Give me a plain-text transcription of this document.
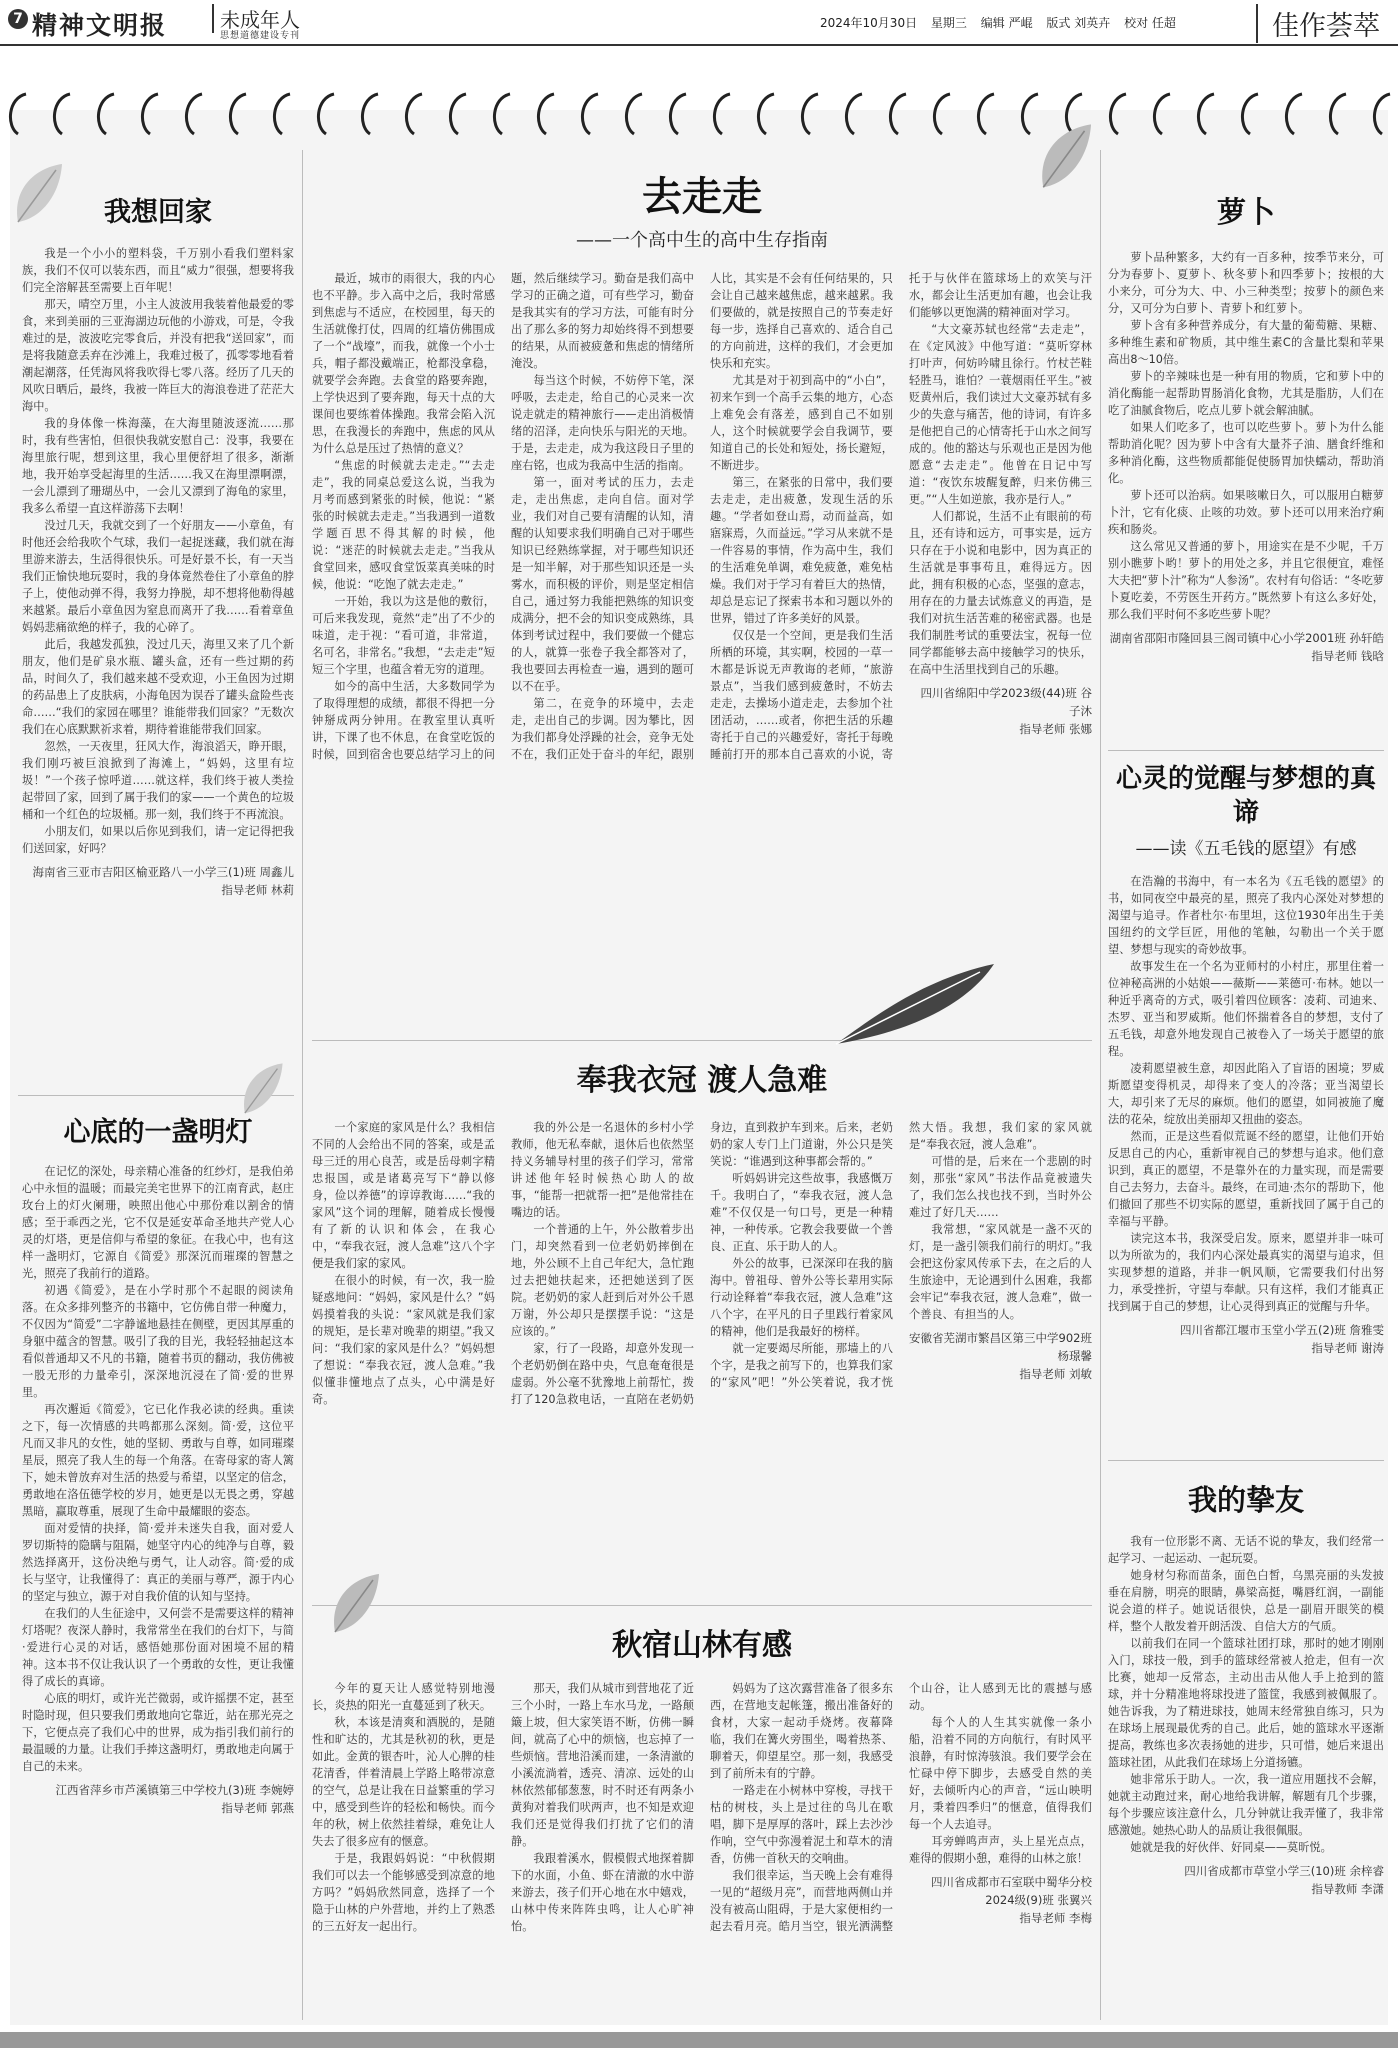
7 精神文明报	未成年人
思想道德建设专刊
2024年10月30日 星期三 编辑 严崐 版式 刘英卉 校对 任超	佳作荟萃
我想回家

我是一个小小的塑料袋，千万别小看我们塑料家族，我们不仅可以装东西，而且“威力”很强，想要将我们完全溶解甚至需要上百年呢！

那天，晴空万里，小主人波波用我装着他最爱的零食，来到美丽的三亚海湖边玩他的小游戏，可是，令我难过的是，波波吃完零食后，并没有把我“送回家”，而是将我随意丢弃在沙滩上，我难过极了，孤零零地看着潮起潮落，任凭海风将我吹得七零八落。经历了几天的风吹日晒后，最终，我被一阵巨大的海浪卷进了茫茫大海中。

我的身体像一株海藻，在大海里随波逐流……那时，我有些害怕，但很快我就安慰自己：没事，我要在海里旅行呢，想到这里，我心里便舒坦了很多，渐渐地，我开始享受起海里的生活……我又在海里漂啊漂，一会儿漂到了珊瑚丛中，一会儿又漂到了海龟的家里，我多么希望一直这样游荡下去啊！

没过几天，我就交到了一个好朋友——小章鱼，有时他还会给我吹个气球，我们一起捉迷藏，我们就在海里游来游去，生活得很快乐。可是好景不长，有一天当我们正愉快地玩耍时，我的身体竟然卷住了小章鱼的脖子上，使他动弹不得，我努力挣脱，却不想将他勒得越来越紧。最后小章鱼因为窒息而离开了我……看着章鱼妈妈悲痛欲绝的样子，我的心碎了。

此后，我越发孤独，没过几天，海里又来了几个新朋友，他们是矿泉水瓶、罐头盒，还有一些过期的药品，时间久了，我们越来越不受欢迎，小王鱼因为过期的药品患上了皮肤病，小海龟因为误吞了罐头盒险些丧命……“我们的家园在哪里？谁能带我们回家？”无数次我们在心底默默祈求着，期待着谁能带我们回家。

忽然，一天夜里，狂风大作，海浪滔天，睁开眼，我们刚巧被巨浪掀到了海滩上，“妈妈，这里有垃圾！”一个孩子惊呼道……就这样，我们终于被人类捡起带回了家，回到了属于我们的家——一个黄色的垃圾桶和一个红色的垃圾桶。那一刻，我们终于不再流浪。

小朋友们，如果以后你见到我们，请一定记得把我们送回家，好吗？

海南省三亚市吉阳区榆亚路八一小学三(1)班 周鑫儿
指导老师 林莉
心底的一盏明灯

在记忆的深处，母亲精心准备的红纱灯，是我伯弟心中永恒的温暖；而最完美宅世界下的江南育武，赵庄玫台上的灯火阑珊，映照出他心中那份难以割舍的情感；至于乖西之光，它不仅是延安革命圣地共产党人心灵的灯塔，更是信仰与希望的象征。在我心中，也有这样一盏明灯，它源自《简爱》那深沉而璀璨的智慧之光，照亮了我前行的道路。

初遇《简爱》，是在小学时那个不起眼的阅读角落。在众多排列整齐的书籍中，它仿佛自带一种魔力，不仅因为“简爱”二字静谧地悬挂在侧壁，更因其厚重的身躯中蕴含的智慧。吸引了我的目光，我轻轻抽起这本看似普通却又不凡的书籍，随着书页的翻动，我仿佛被一股无形的力量牵引，深深地沉浸在了简·爱的世界里。

再次邂逅《简爱》，它已化作我必读的经典。重读之下，每一次情感的共鸣都那么深刻。简·爱，这位平凡而又非凡的女性，她的坚韧、勇敢与自尊，如同璀璨星辰，照亮了我人生的每一个角落。在寄母家的寄人篱下，她未曾放弃对生活的热爱与希望，以坚定的信念，勇敢地在洛伍德学校的岁月，她更是以无畏之勇，穿越黑暗，赢取尊重，展现了生命中最耀眼的姿态。

面对爱情的抉择，简·爱并未迷失自我，面对爱人罗切斯特的隐瞒与阻隔，她坚守内心的纯净与自尊，毅然选择离开，这份决绝与勇气，让人动容。简·爱的成长与坚守，让我懂得了：真正的美丽与尊严，源于内心的坚定与独立，源于对自我价值的认知与坚持。

在我们的人生征途中，又何尝不是需要这样的精神灯塔呢？夜深人静时，我常常坐在我们的台灯下，与简·爱进行心灵的对话，感悟她那份面对困境不屈的精神。这本书不仅让我认识了一个勇敢的女性，更让我懂得了成长的真谛。

心底的明灯，或许光芒微弱，或许摇摆不定，甚至时隐时现，但只要我们勇敢地向它靠近，站在那光亮之下，它便点亮了我们心中的世界，成为指引我们前行的最温暖的力量。让我们手捧这盏明灯，勇敢地走向属于自己的未来。

江西省萍乡市芦溪镇第三中学校九(3)班 李婉婷
指导老师 郭燕
去走走
——一个高中生的高中生存指南

最近，城市的雨很大，我的内心也不平静。步入高中之后，我时常感到焦虑与不适应，在校园里，每天的生活就像打仗，四周的红墙仿佛围成了一个“战壕”，而我，就像一个小士兵，帽子都没戴端正，枪都没拿稳，就要学会奔跑。去食堂的路要奔跑，上学快迟到了要奔跑，每天十点的大课间也要练着体操跑。我常会陷入沉思，在我漫长的奔跑中，焦虑的风从为什么总是压过了热情的意义？

“焦虑的时候就去走走。”“去走走”，我的同桌总爱这么说，当我为月考而感到紧张的时候，他说：“紧张的时候就去走走。”当我遇到一道数学题百思不得其解的时候，他说：“迷茫的时候就去走走。”当我从食堂回来，感叹食堂饭菜真美味的时候，他说：“吃饱了就去走走。”

一开始，我以为这是他的敷衍，可后来我发现，竟然“走”出了不少的味道，走于视：“看可道，非常道，名可名，非常名。”我想，“去走走”短短三个字里，也蕴含着无穷的道理。

如今的高中生活，大多数同学为了取得理想的成绩，都很不得把一分钟掰成两分钟用。在教室里认真听讲，下课了也不休息，在食堂吃饭的时候，回到宿舍也要总结学习上的问题，然后继续学习。勤奋是我们高中学习的正确之道，可有些学习，勤奋是我其实有的学习方法，可能有时分出了那么多的努力却始终得不到想要的结果，从而被疲惫和焦虑的情绪所淹没。

每当这个时候，不妨停下笔，深呼吸，去走走，给自己的心灵来一次说走就走的精神旅行——走出消极情绪的沼泽，走向快乐与阳光的天地。于是，去走走，成为我这段日子里的座右铭，也成为我高中生活的指南。

第一，面对考试的压力，去走走，走出焦虑，走向自信。面对学业，我们对自己要有清醒的认知，清醒的认知要求我们明确自己对于哪些知识已经熟练掌握，对于哪些知识还是一知半解，对于那些知识还是一头雾水，而积极的评价，则是坚定相信自己，通过努力我能把熟练的知识变成满分，把不会的知识变成熟练，具体到考试过程中，我们要做一个健忘的人，就算一张卷子我全都答对了，我也要回去再检查一遍，遇到的题可以不在乎。

第二，在竞争的环境中，去走走，走出自己的步调。因为攀比，因为我们都身处浮躁的社会，竞争无处不在，我们正处于奋斗的年纪，跟别人比，其实是不会有任何结果的，只会让自己越来越焦虑，越来越累。我们要做的，就是按照自己的节奏走好每一步，选择自己喜欢的、适合自己的方向前进，这样的我们，才会更加快乐和充实。

尤其是对于初到高中的“小白”，初来乍到一个高手云集的地方，心态上难免会有落差，感到自己不如别人，这个时候就要学会自我调节，要知道自己的长处和短处，扬长避短，不断进步。

第三，在紧张的日常中，我们要去走走，走出疲惫，发现生活的乐趣。“学者如登山焉，动而益高，如寤寐焉，久而益远。”学习从来就不是一件容易的事情，作为高中生，我们的生活难免单调，难免疲惫，难免枯燥。我们对于学习有着巨大的热情，却总是忘记了探索书本和习题以外的世界，错过了许多美好的风景。

仅仅是一个空间，更是我们生活所栖的环境，其实啊，校园的一草一木都是诉说无声教诲的老师，“旅游景点”，当我们感到疲惫时，不妨去走走，去操场小道走走，去参加个社团活动，……或者，你把生活的乐趣寄托于自己的兴趣爱好，寄托于每晚睡前打开的那本自己喜欢的小说，寄托于与伙伴在篮球场上的欢笑与汗水，都会让生活更加有趣，也会让我们能够以更饱满的精神面对学习。

“大文豪苏轼也经常“去走走”，在《定风波》中他写道：“莫听穿林打叶声，何妨吟啸且徐行。竹杖芒鞋轻胜马，谁怕？一蓑烟雨任平生。”被贬黄州后，我们读过大文豪苏轼有多少的失意与痛苦，他的诗词，有许多是他把自己的心情寄托于山水之间写成的。他的豁达与乐观也正是因为他愿意“去走走”。他曾在日记中写道：“夜饮东坡醒复醉，归来仿佛三更。”“人生如逆旅，我亦是行人。”

人们都说，生活不止有眼前的苟且，还有诗和远方，可事实是，远方只存在于小说和电影中，因为真正的生活就是事事苟且，难得远方。因此，拥有积极的心态，坚强的意志，用存在的力量去试炼意义的再造，是我们对抗生活苦难的秘密武器。也是我们制胜考试的重要法宝，祝每一位同学都能够去高中接触学习的快乐，在高中生活里找到自己的乐趣。

四川省绵阳中学2023级(44)班 谷子沐
指导老师 张娜
奉我衣冠 渡人急难

一个家庭的家风是什么？我相信不同的人会给出不同的答案，或是孟母三迁的用心良苦，或是岳母刺字精忠报国，或是诸葛亮写下“静以修身，俭以养德”的谆谆教诲……“我的家风”这个词的理解，随着成长慢慢有了新的认识和体会，在我心中，“奉我衣冠，渡人急难”这八个字便是我们家的家风。

在很小的时候，有一次，我一脸疑惑地问：“妈妈，家风是什么？”妈妈摸着我的头说：“家风就是我们家的规矩，是长辈对晚辈的期望。”我又问：“我们家的家风是什么？”妈妈想了想说：“奉我衣冠，渡人急难。”我似懂非懂地点了点头，心中满是好奇。

我的外公是一名退休的乡村小学教师，他无私奉献，退休后也依然坚持义务辅导村里的孩子们学习，常常讲述他年轻时候热心助人的故事，“能帮一把就帮一把”是他常挂在嘴边的话。

一个普通的上午，外公散着步出门，却突然看到一位老奶奶摔倒在地，外公顾不上自己年纪大，急忙跑过去把她扶起来，还把她送到了医院。老奶奶的家人赶到后对外公千恩万谢，外公却只是摆摆手说：“这是应该的。”

家，行了一段路，却意外发现一个老奶奶倒在路中央，气息奄奄很是虚弱。外公毫不犹豫地上前帮忙，拨打了120急救电话，一直陪在老奶奶身边，直到救护车到来。后来，老奶奶的家人专门上门道谢，外公只是笑笑说：“谁遇到这种事都会帮的。”

听妈妈讲完这些故事，我感慨万千。我明白了，“奉我衣冠，渡人急难”不仅仅是一句口号，更是一种精神，一种传承。它教会我要做一个善良、正直、乐于助人的人。

外公的故事，已深深印在我的脑海中。曾祖母、曾外公等长辈用实际行动诠释着“奉我衣冠，渡人急难”这八个字，在平凡的日子里践行着家风的精神，他们是我最好的榜样。

就一定要竭尽所能，那墙上的八个字，是我之前写下的，也算我们家的“家风”吧！”外公笑着说，我才恍然大悟。我想，我们家的家风就是“奉我衣冠，渡人急难”。

可惜的是，后来在一个悲剧的时刻，那张“家风”书法作品竟被遗失了，我们怎么找也找不到，当时外公难过了好几天……

我常想，“家风就是一盏不灭的灯，是一盏引领我们前行的明灯。”我会把这份家风传承下去，在之后的人生旅途中，无论遇到什么困难，我都会牢记“奉我衣冠，渡人急难”，做一个善良、有担当的人。

安徽省芜湖市繁昌区第三中学902班 杨璟馨
指导老师 刘敏
秋宿山林有感

今年的夏天让人感觉特别地漫长，炎热的阳光一直蔓延到了秋天。

秋，本该是清爽和酒脱的，是随性和旷达的，尤其是秋初的秋，更是如此。金黄的银杏叶，沁人心脾的桂花清香，伴着清晨上学路上略带凉意的空气，总是让我在日益繁重的学习中，感受到些许的轻松和畅快。而今年的秋，树上依然挂着绿，难免让人失去了很多应有的惬意。

于是，我跟妈妈说：“中秋假期我们可以去一个能够感受到凉意的地方吗？”妈妈欣然同意，选择了一个隐于山林的户外营地，并约上了熟悉的三五好友一起出行。

那天，我们从城市到营地花了近三个小时，一路上车水马龙，一路颠簸上坡，但大家笑语不断，仿佛一瞬间，就高了心中的烦恼，也忘掉了一些烦恼。营地沿溪而建，一条清澈的小溪流淌着，透亮、清凉、远处的山林依然郁郁葱葱，时不时还有两条小黄狗对着我们吠两声，也不知是欢迎我们还是觉得我们打扰了它们的清静。

我跟着溪水，假模假式地探着脚下的水面，小鱼、虾在清澈的水中游来游去，孩子们开心地在水中嬉戏，山林中传来阵阵虫鸣，让人心旷神怡。

妈妈为了这次露营准备了很多东西，在营地支起帐篷，搬出准备好的食材，大家一起动手烧烤。夜幕降临，我们在篝火旁围坐，喝着热茶、聊着天，仰望星空。那一刻，我感受到了前所未有的宁静。

一路走在小树林中穿梭，寻找干枯的树枝，头上是过往的鸟儿在歌唱，脚下是厚厚的落叶，踩上去沙沙作响，空气中弥漫着泥土和草木的清香，仿佛一首秋天的交响曲。

我们很幸运，当天晚上会有难得一见的“超级月亮”，而营地两侧山并没有被高山阻碍，于是大家便相约一起去看月亮。皓月当空，银光洒满整个山谷，让人感到无比的震撼与感动。

每个人的人生其实就像一条小船，沿着不同的方向航行，有时风平浪静，有时惊涛骇浪。我们要学会在忙碌中停下脚步，去感受自然的美好，去倾听内心的声音，“远山映明月，秉着四季归”的惬意，值得我们每一个人去追寻。

耳旁蝉鸣声声，头上星光点点，难得的假期小憩，难得的山林之旅！

四川省成都市石室联中蜀华分校2024级(9)班 张翼兴
指导老师 李梅
萝卜

萝卜品种繁多，大约有一百多种，按季节来分，可分为春萝卜、夏萝卜、秋冬萝卜和四季萝卜；按根的大小来分，可分为大、中、小三种类型；按萝卜的颜色来分，又可分为白萝卜、青萝卜和红萝卜。

萝卜含有多种营养成分，有大量的葡萄糖、果糖、多种维生素和矿物质，其中维生素C的含量比梨和苹果高出8～10倍。

萝卜的辛辣味也是一种有用的物质，它和萝卜中的消化酶能一起帮助胃肠消化食物，尤其是脂肪，人们在吃了油腻食物后，吃点儿萝卜就会解油腻。

如果人们吃多了，也可以吃些萝卜。萝卜为什么能帮助消化呢？因为萝卜中含有大量芥子油、膳食纤维和多种消化酶，这些物质都能促使肠胃加快蠕动，帮助消化。

萝卜还可以治病。如果咳嗽日久，可以服用白糖萝卜汁，它有化痰、止咳的功效。萝卜还可以用来治疗痢疾和肠炎。

这么常见又普通的萝卜，用途实在是不少呢，千万别小瞧萝卜哟！萝卜的用处之多，并且它很便宜，难怪大夫把“萝卜汁”称为“人参汤”。农村有句俗话：“冬吃萝卜夏吃姜，不劳医生开药方。”既然萝卜有这么多好处，那么我们平时何不多吃些萝卜呢？

湖南省邵阳市隆回县三阁司镇中心小学2001班 孙轩皓
指导老师 钱晗
心灵的觉醒与梦想的真谛
——读《五毛钱的愿望》有感

在浩瀚的书海中，有一本名为《五毛钱的愿望》的书，如同夜空中最亮的星，照亮了我内心深处对梦想的渴望与追寻。作者杜尔·布里坦，这位1930年出生于美国纽约的文学巨匠，用他的笔触，勾勒出一个关于愿望、梦想与现实的奇妙故事。

故事发生在一个名为亚师村的小村庄，那里住着一位神秘高洲的小姑娘——薇斯——莱德可·布林。她以一种近乎离奇的方式，吸引着四位顾客：凌莉、司迪来、杰罗、亚当和罗威斯。他们怀揣着各自的梦想，支付了五毛钱，却意外地发现自己被卷入了一场关于愿望的旅程。

凌莉愿望被生意，却因此陷入了盲语的困境；罗威斯愿望变得机灵，却得来了变人的冷落；亚当渴望长大，却引来了无尽的麻烦。他们的愿望，如同被施了魔法的花朵，绽放出美丽却又扭曲的姿态。

然而，正是这些看似荒诞不经的愿望，让他们开始反思自己的内心，重新审视自己的梦想与追求。他们意识到，真正的愿望，不是靠外在的力量实现，而是需要自己去努力，去奋斗。最终，在司迪·杰尔的帮助下，他们撤回了那些不切实际的愿望，重新找回了属于自己的幸福与平静。

读完这本书，我深受启发。原来，愿望并非一味可以为所欲为的，我们内心深处最真实的渴望与追求，但实现梦想的道路，并非一帆风顺，它需要我们付出努力，承受挫折，守望与奉献。只有这样，我们才能真正找到属于自己的梦想，让心灵得到真正的觉醒与升华。

四川省都江堰市玉堂小学五(2)班 詹雅雯
指导老师 谢涛
我的挚友

我有一位形影不离、无话不说的挚友，我们经常一起学习、一起运动、一起玩耍。

她身材匀称而苗条，面色白皙，乌黑亮丽的头发披垂在肩膀，明亮的眼睛，鼻梁高挺，嘴唇红润，一副能说会道的样子。她说话很快，总是一副眉开眼笑的模样，整个人散发着开朗活泼、自信大方的气质。

以前我们在同一个篮球社团打球，那时的她才刚刚入门，球技一般，到手的篮球经常被人抢走，但有一次比赛，她却一反常态，主动出击从他人手上抢到的篮球，并十分精准地将球投进了篮筐，我感到被佩服了。她告诉我，为了精进球技，她周末经常独自练习，只为在球场上展现最优秀的自己。此后，她的篮球水平逐渐提高，教练也多次表扬她的进步，只可惜，她后来退出篮球社团，从此我们在球场上分道扬镳。

她非常乐于助人。一次，我一道应用题找不会解，她就主动跑过来，耐心地给我讲解，解题有几个步骤，每个步骤应该注意什么，几分钟就让我弄懂了，我非常感激她。她热心助人的品质让我很佩服。

她就是我的好伙伴、好同桌——莫昕悦。

四川省成都市草堂小学三(10)班 余梓睿
指导教师 李潇
